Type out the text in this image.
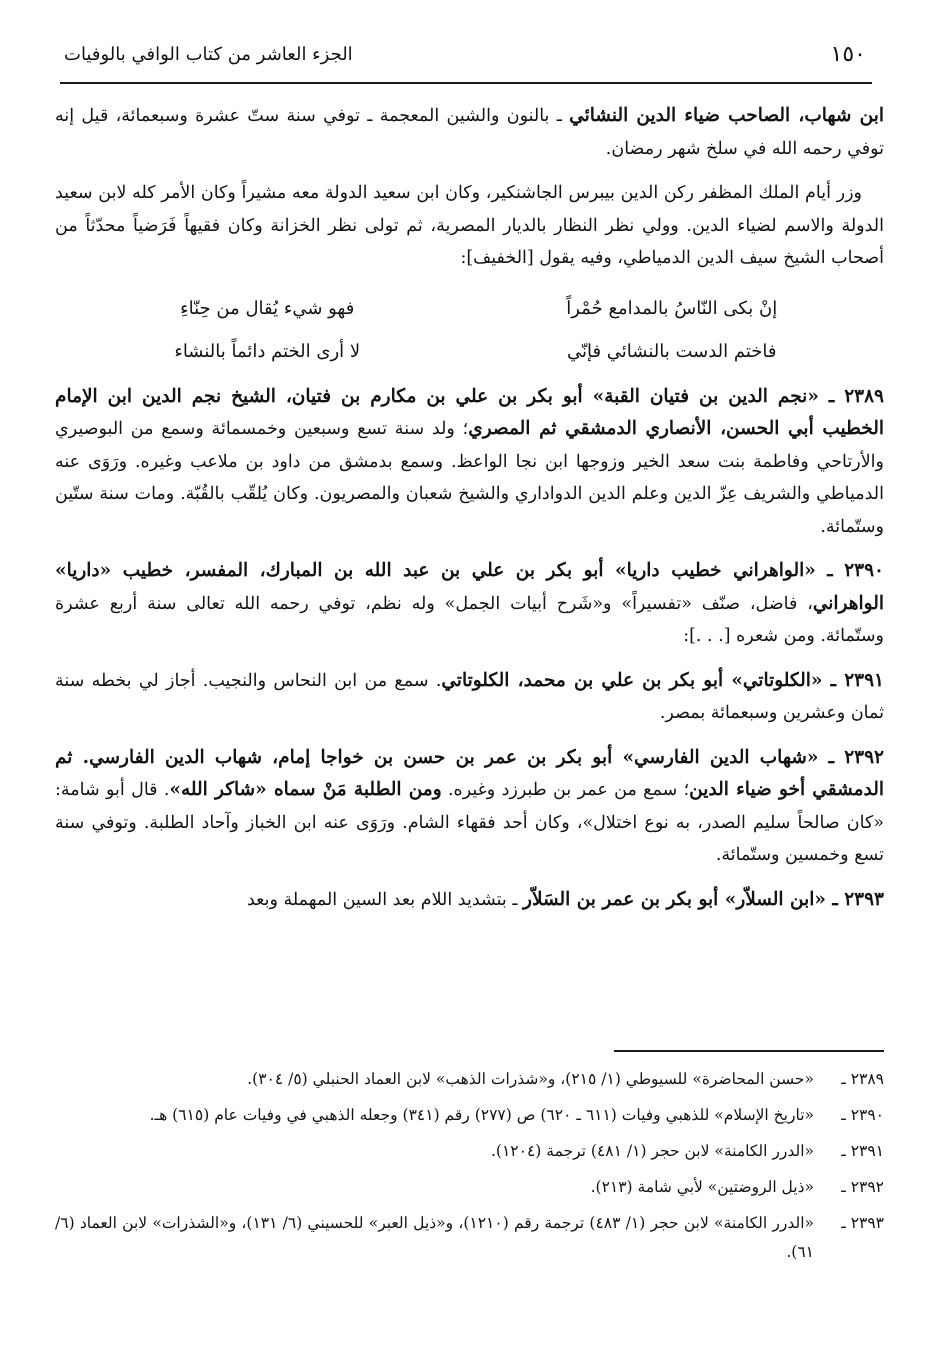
١٥٠
الجزء العاشر من كتاب الوافي بالوفيات

ابن شهاب، الصاحب ضياء الدين النشائي ـ بالنون والشين المعجمة ـ توفي سنة ستّ عشرة وسبعمائة، قيل إنه توفي رحمه الله في سلخ شهر رمضان.

وزر أيام الملك المظفر ركن الدين بيبرس الجاشنكير، وكان ابن سعيد الدولة معه مشيراً وكان الأمر كله لابن سعيد الدولة والاسم لضياء الدين. وولي نظر النظار بالديار المصرية، ثم تولى نظر الخزانة وكان فقيهاً فَرَضياً محدّثاً من أصحاب الشيخ سيف الدين الدمياطي، وفيه يقول [الخفيف]:

إنْ بكى النّاسُ بالمدامع حُمْراً
فهو شيء يُقال من حِنّاءِ
فاختم الدست بالنشائي فإنّي
لا أرى الختم دائماً بالنشاء

٢٣٨٩ ـ «نجم الدين بن فتيان القبة» أبو بكر بن علي بن مكارم بن فتيان، الشيخ نجم الدين ابن الإمام الخطيب أبي الحسن، الأنصاري الدمشقي ثم المصري؛ ولد سنة تسع وسبعين وخمسمائة وسمع من البوصيري والأرتاحي وفاطمة بنت سعد الخير وزوجها ابن نجا الواعظ. وسمع بدمشق من داود بن ملاعب وغيره. ورَوَى عنه الدمياطي والشريف عِزّ الدين وعلم الدين الدواداري والشيخ شعبان والمصريون. وكان يُلقّب بالقُبّة. ومات سنة ستّين وستّمائة.

٢٣٩٠ ـ «الواهراني خطيب داريا» أبو بكر بن علي بن عبد الله بن المبارك، المفسر، خطيب «داريا» الواهراني، فاضل، صنّف «تفسيراً» و«شَرح أبيات الجمل» وله نظم، توفي رحمه الله تعالى سنة أربع عشرة وستّمائة. ومن شعره [. . .]:

٢٣٩١ ـ «الكلوتاتي» أبو بكر بن علي بن محمد، الكلوتاتي. سمع من ابن النحاس والنجيب. أجاز لي بخطه سنة ثمان وعشرين وسبعمائة بمصر.

٢٣٩٢ ـ «شهاب الدين الفارسي» أبو بكر بن عمر بن حسن بن خواجا إمام، شهاب الدين الفارسي. ثم الدمشقي أخو ضياء الدين؛ سمع من عمر بن طبرزد وغيره. ومن الطلبة مَنْ سماه «شاكر الله». قال أبو شامة: «كان صالحاً سليم الصدر، به نوع اختلال»، وكان أحد فقهاء الشام. ورَوَى عنه ابن الخباز وآحاد الطلبة. وتوفي سنة تسع وخمسين وستّمائة.

٢٣٩٣ ـ «ابن السلاّر» أبو بكر بن عمر بن السَلاّر ـ بتشديد اللام بعد السين المهملة وبعد

٢٣٨٩ ـ
«حسن المحاضرة» للسيوطي (١/ ٢١٥)، و«شذرات الذهب» لابن العماد الحنبلي (٥/ ٣٠٤).

٢٣٩٠ ـ
«تاريخ الإسلام» للذهبي وفيات (٦١١ ـ ٦٢٠) ص (٢٧٧) رقم (٣٤١) وجعله الذهبي في وفيات عام (٦١٥) هـ.

٢٣٩١ ـ
«الدرر الكامنة» لابن حجر (١/ ٤٨١) ترجمة (١٢٠٤).

٢٣٩٢ ـ
«ذيل الروضتين» لأبي شامة (٢١٣).

٢٣٩٣ ـ
«الدرر الكامنة» لابن حجر (١/ ٤٨٣) ترجمة رقم (١٢١٠)، و«ذيل العبر» للحسيني (٦/ ١٣١)، و«الشذرات» لابن العماد (٦/ ٦١).
